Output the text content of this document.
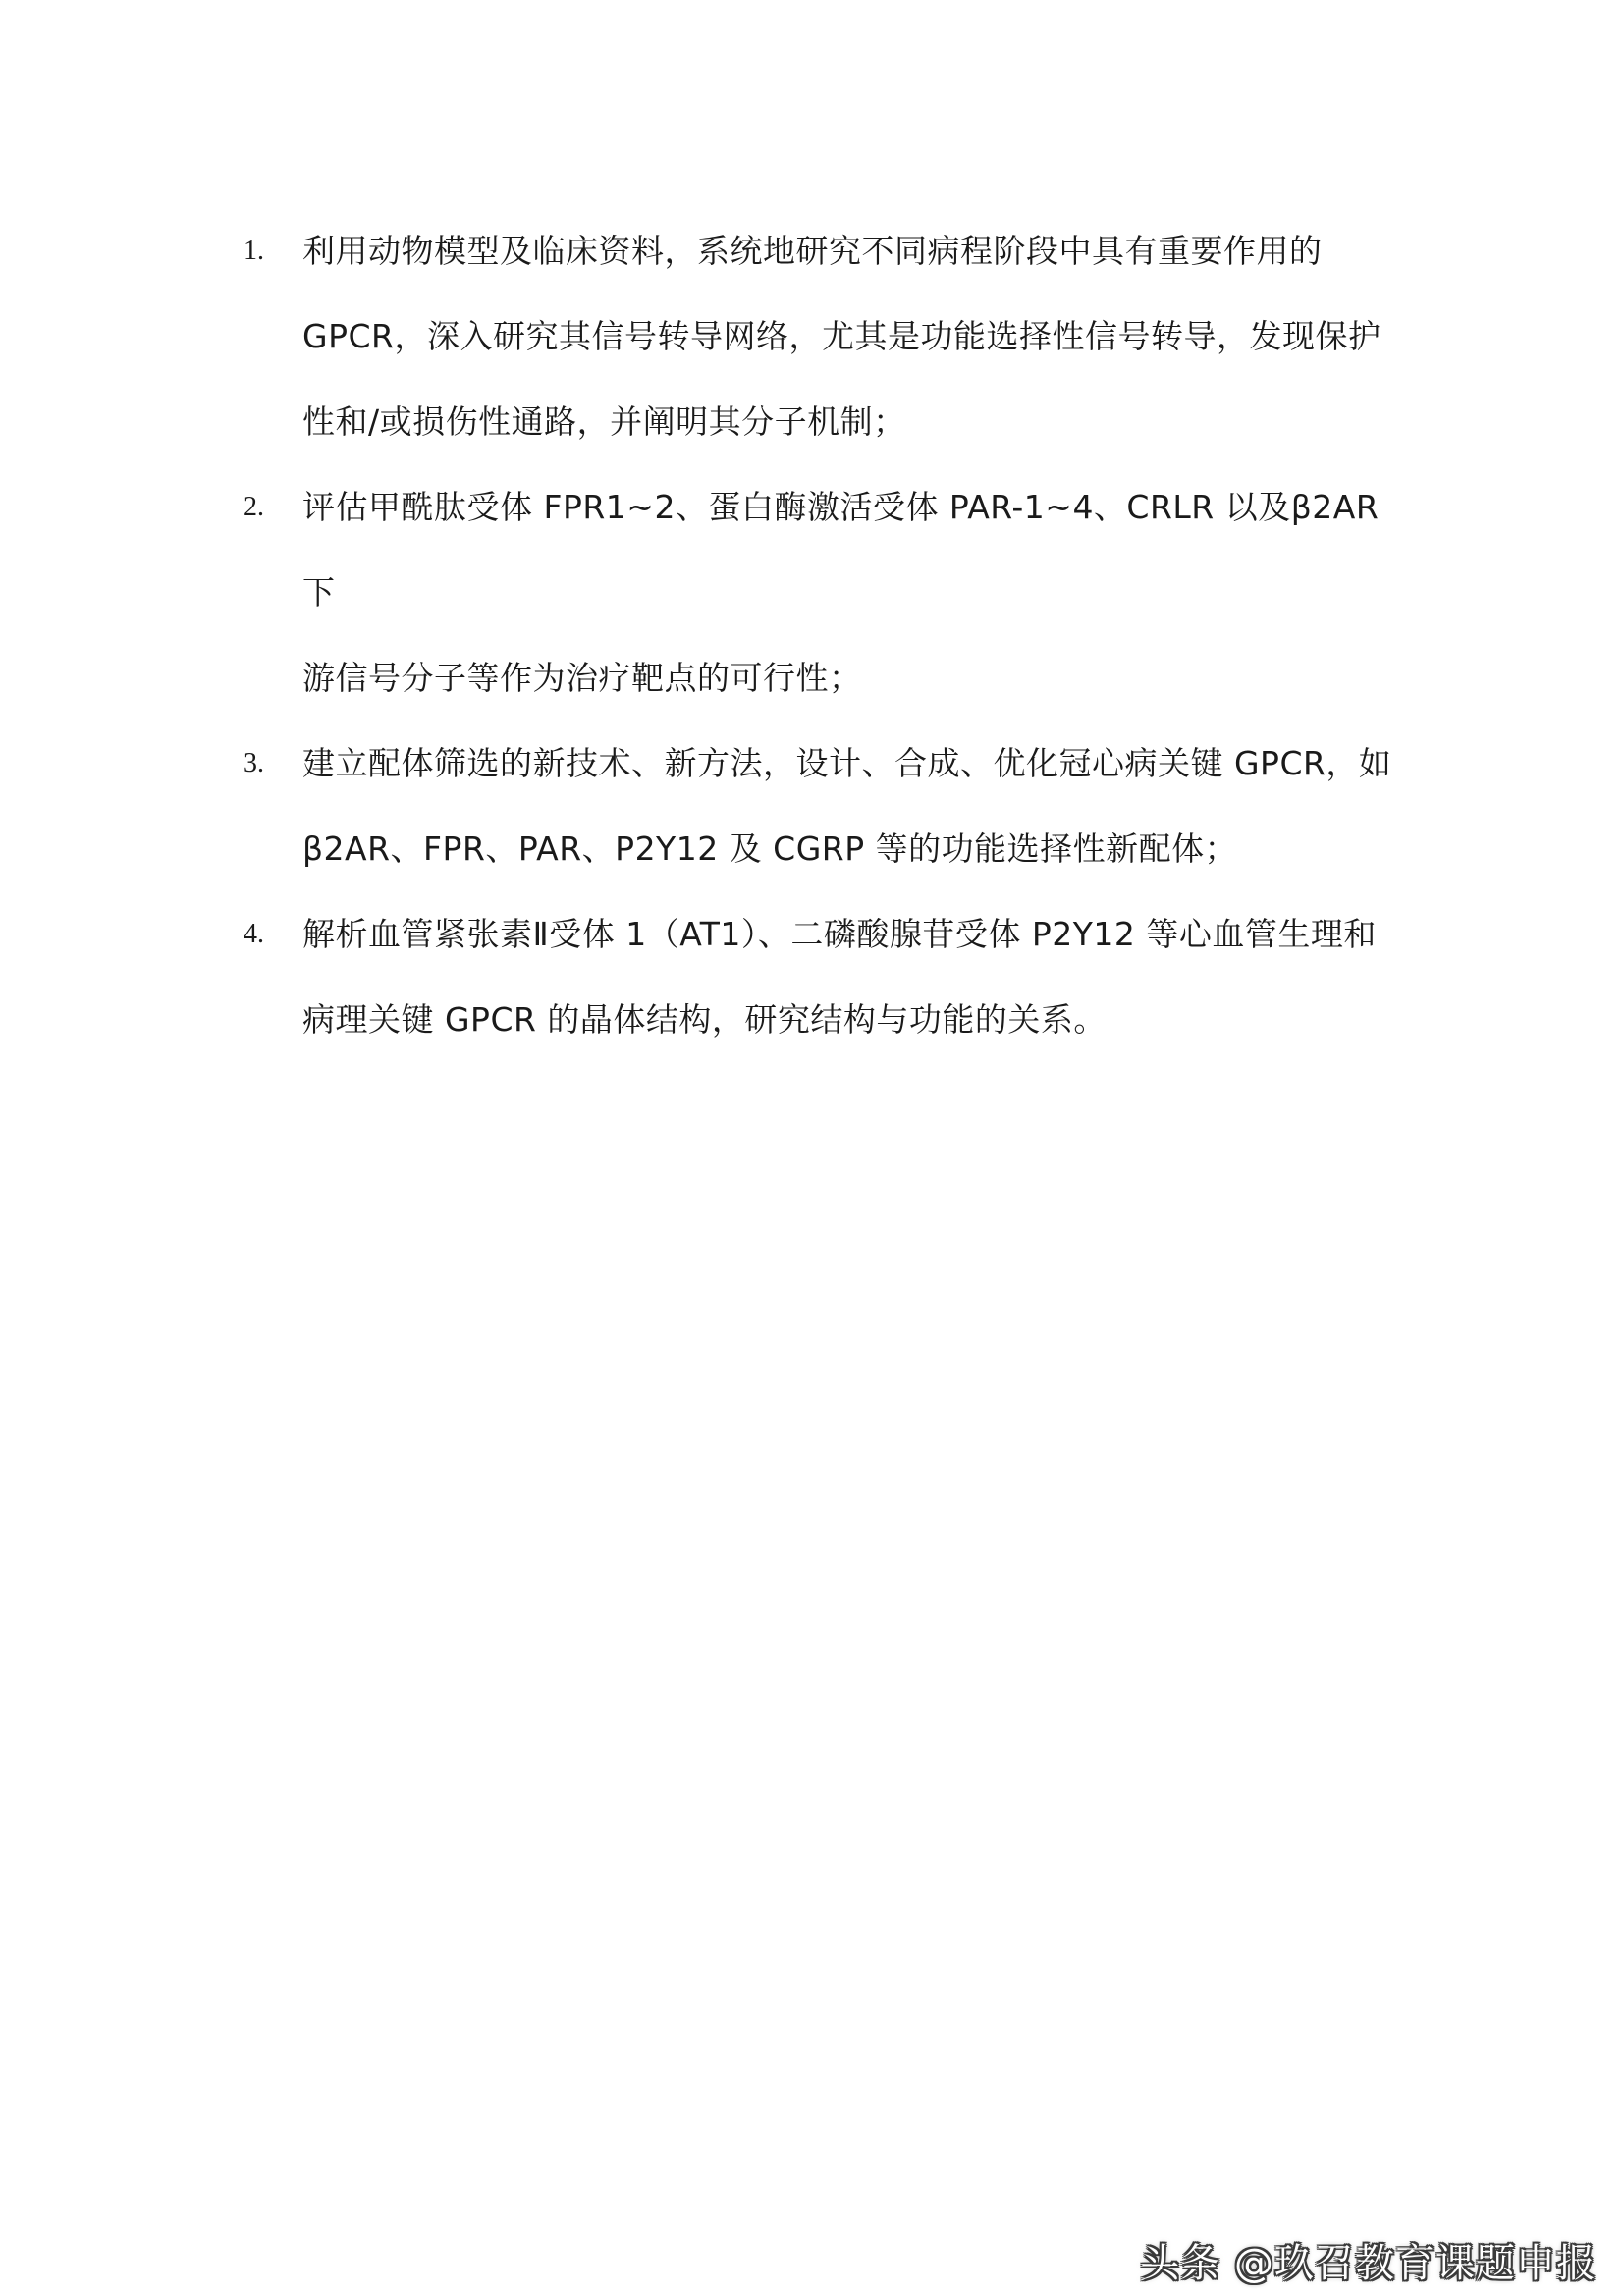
1. 利用动物模型及临床资料，系统地研究不同病程阶段中具有重要作用的
GPCR，深入研究其信号转导网络，尤其是功能选择性信号转导，发现保护
性和/或损伤性通路，并阐明其分子机制；
2. 评估甲酰肽受体 FPR1~2、蛋白酶激活受体 PAR-1~4、CRLR 以及β2AR 下
游信号分子等作为治疗靶点的可行性；
3. 建立配体筛选的新技术、新方法，设计、合成、优化冠心病关键 GPCR，如
β2AR、FPR、PAR、P2Y12 及 CGRP 等的功能选择性新配体；
4. 解析血管紧张素Ⅱ受体 1（AT1）、二磷酸腺苷受体 P2Y12 等心血管生理和
病理关键 GPCR 的晶体结构，研究结构与功能的关系。
头条 @玖召教育课题申报
